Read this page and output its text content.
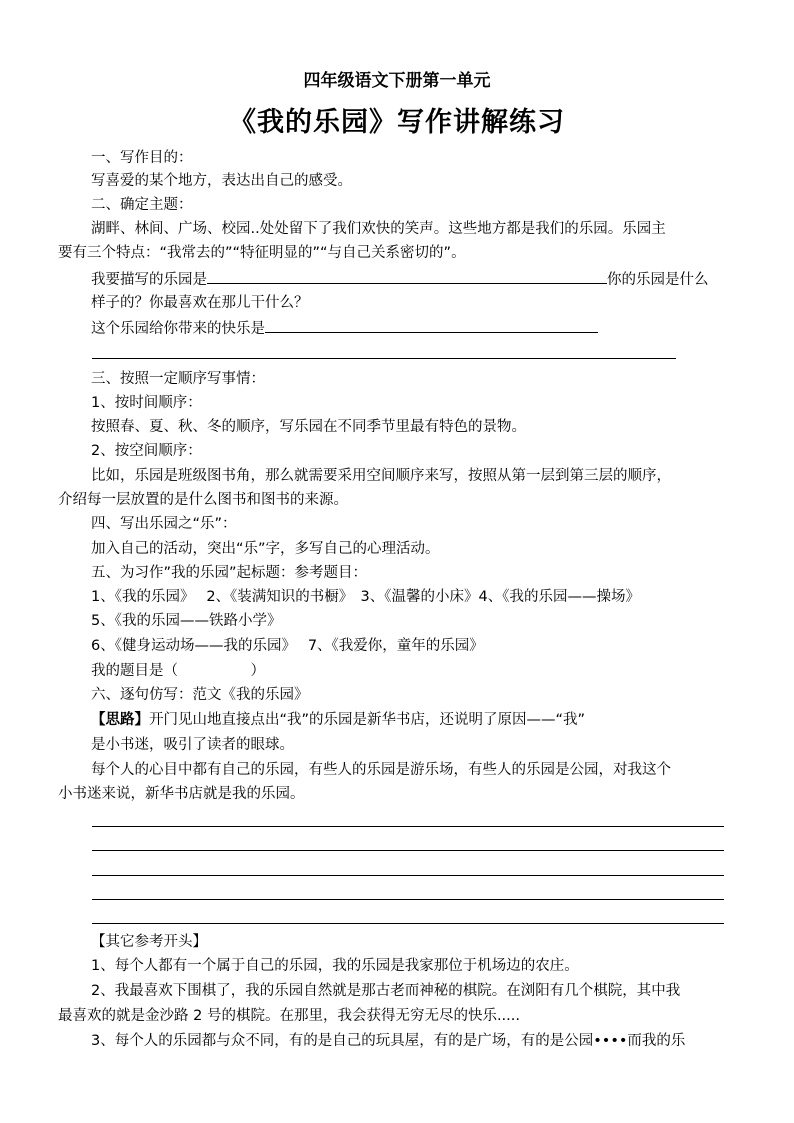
四年级语文下册第一单元
《我的乐园》写作讲解练习
一、写作目的：
写喜爱的某个地方，表达出自己的感受。
二、确定主题：
湖畔、林间、广场、校园..处处留下了我们欢快的笑声。这些地方都是我们的乐园。乐园主
要有三个特点：“我常去的”“特征明显的”“与自己关系密切的”。
我要描写的乐园是	你的乐园是什么
样子的？你最喜欢在那儿干什么？
这个乐园给你带来的快乐是
三、按照一定顺序写事情：
1、按时间顺序：
按照春、夏、秋、冬的顺序，写乐园在不同季节里最有特色的景物。
2、按空间顺序：
比如，乐园是班级图书角，那么就需要采用空间顺序来写，按照从第一层到第三层的顺序，
介绍每一层放置的是什么图书和图书的来源。
四、写出乐园之“乐”：
加入自己的活动，突出“乐”字，多写自己的心理活动。
五、为习作”我的乐园”起标题：参考题目：
1、《我的乐园》　 2、《装满知识的书橱》　3、《温馨的小床》4、《我的乐园——操场》
5、《我的乐园——铁路小学》
6、《健身运动场——我的乐园》　 7、《我爱你，童年的乐园》
我的题目是（　　　　　）
六、逐句仿写：范文《我的乐园》
【思路】开门见山地直接点出“我”的乐园是新华书店，还说明了原因——“我”
是小书迷，吸引了读者的眼球。
每个人的心目中都有自己的乐园，有些人的乐园是游乐场，有些人的乐园是公园，对我这个
小书迷来说，新华书店就是我的乐园。
【其它参考开头】
1、每个人都有一个属于自己的乐园，我的乐园是我家那位于机场边的农庄。
2、我最喜欢下围棋了，我的乐园自然就是那古老而神秘的棋院。在浏阳有几个棋院，其中我
最喜欢的就是金沙路 2 号的棋院。在那里，我会获得无穷无尽的快乐.....
3、每个人的乐园都与众不同，有的是自己的玩具屋，有的是广场，有的是公园••••而我的乐
